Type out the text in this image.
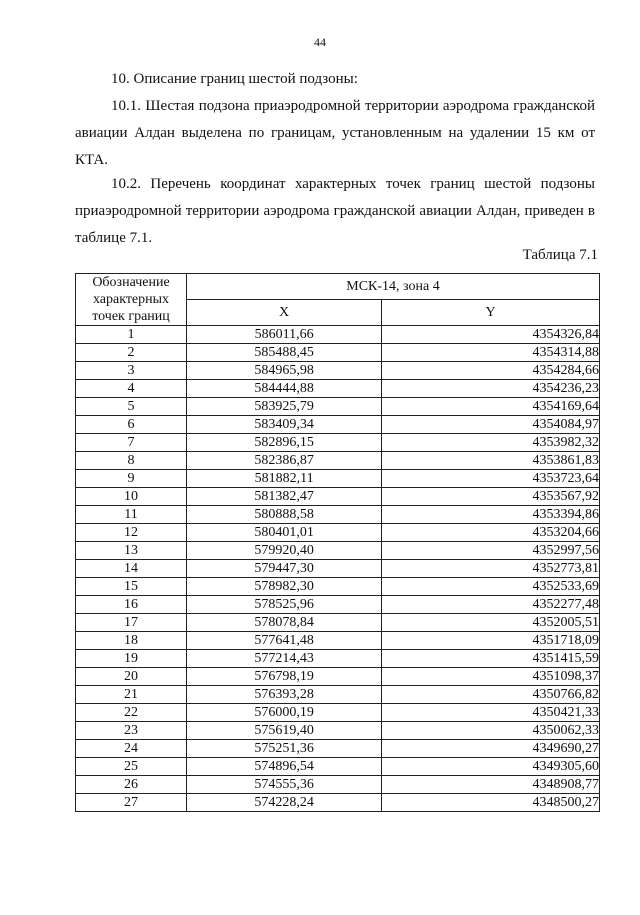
44
10. Описание границ шестой подзоны:
10.1. Шестая подзона приаэродромной территории аэродрома гражданской авиации Алдан выделена по границам, установленным на удалении 15 км от КТА.
10.2. Перечень координат характерных точек границ шестой подзоны приаэродромной территории аэродрома гражданской авиации Алдан, приведен в таблице 7.1.
Таблица 7.1
Обозначение характерных точек границ	МСК-14, зона 4	
	X	Y
1	586011,66	4354326,84
2	585488,45	4354314,88
3	584965,98	4354284,66
4	584444,88	4354236,23
5	583925,79	4354169,64
6	583409,34	4354084,97
7	582896,15	4353982,32
8	582386,87	4353861,83
9	581882,11	4353723,64
10	581382,47	4353567,92
11	580888,58	4353394,86
12	580401,01	4353204,66
13	579920,40	4352997,56
14	579447,30	4352773,81
15	578982,30	4352533,69
16	578525,96	4352277,48
17	578078,84	4352005,51
18	577641,48	4351718,09
19	577214,43	4351415,59
20	576798,19	4351098,37
21	576393,28	4350766,82
22	576000,19	4350421,33
23	575619,40	4350062,33
24	575251,36	4349690,27
25	574896,54	4349305,60
26	574555,36	4348908,77
27	574228,24	4348500,27
